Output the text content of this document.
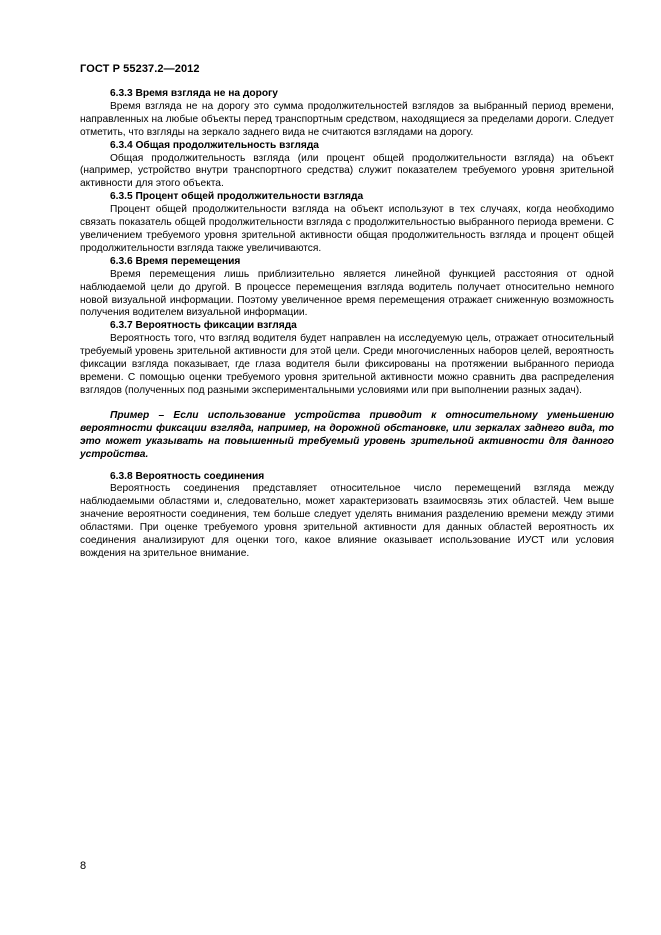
ГОСТ Р 55237.2—2012

6.3.3 Время взгляда не на дорогу

Время взгляда не на дорогу это сумма продолжительностей взглядов за выбранный период времени, направленных на любые объекты перед транспортным средством, находящиеся за пределами дороги. Следует отметить, что взгляды на зеркало заднего вида не считаются взглядами на дорогу.

6.3.4 Общая продолжительность взгляда

Общая продолжительность взгляда (или процент общей продолжительности взгляда) на объект (например, устройство внутри транспортного средства) служит показателем требуемого уровня зрительной активности для этого объекта.

6.3.5 Процент общей продолжительности взгляда

Процент общей продолжительности взгляда на объект используют в тех случаях, когда необходимо связать показатель общей продолжительности взгляда с продолжительностью выбранного периода времени. С увеличением требуемого уровня зрительной активности общая продолжительность взгляда и процент общей продолжительности взгляда также увеличиваются.

6.3.6 Время перемещения

Время перемещения лишь приблизительно является линейной функцией расстояния от одной наблюдаемой цели до другой. В процессе перемещения взгляда водитель получает относительно немного новой визуальной информации. Поэтому увеличенное время перемещения отражает сниженную возможность получения водителем визуальной информации.

6.3.7 Вероятность фиксации взгляда

Вероятность того, что взгляд водителя будет направлен на исследуемую цель, отражает относительный требуемый уровень зрительной активности для этой цели. Среди многочисленных наборов целей, вероятность фиксации взгляда показывает, где глаза водителя были фиксированы на протяжении выбранного периода времени. С помощью оценки требуемого уровня зрительной активности можно сравнить два распределения взглядов (полученных под разными экспериментальными условиями или при выполнении разных задач).

Пример – Если использование устройства приводит к относительному уменьшению вероятности фиксации взгляда, например, на дорожной обстановке, или зеркалах заднего вида, то это может указывать на повышенный требуемый уровень зрительной активности для данного устройства.

6.3.8 Вероятность соединения

Вероятность соединения представляет относительное число перемещений взгляда между наблюдаемыми областями и, следовательно, может характеризовать взаимосвязь этих областей. Чем выше значение вероятности соединения, тем больше следует уделять внимания разделению времени между этими областями. При оценке требуемого уровня зрительной активности для данных областей вероятность их соединения анализируют для оценки того, какое влияние оказывает использование ИУСТ или условия вождения на зрительное внимание.

8
